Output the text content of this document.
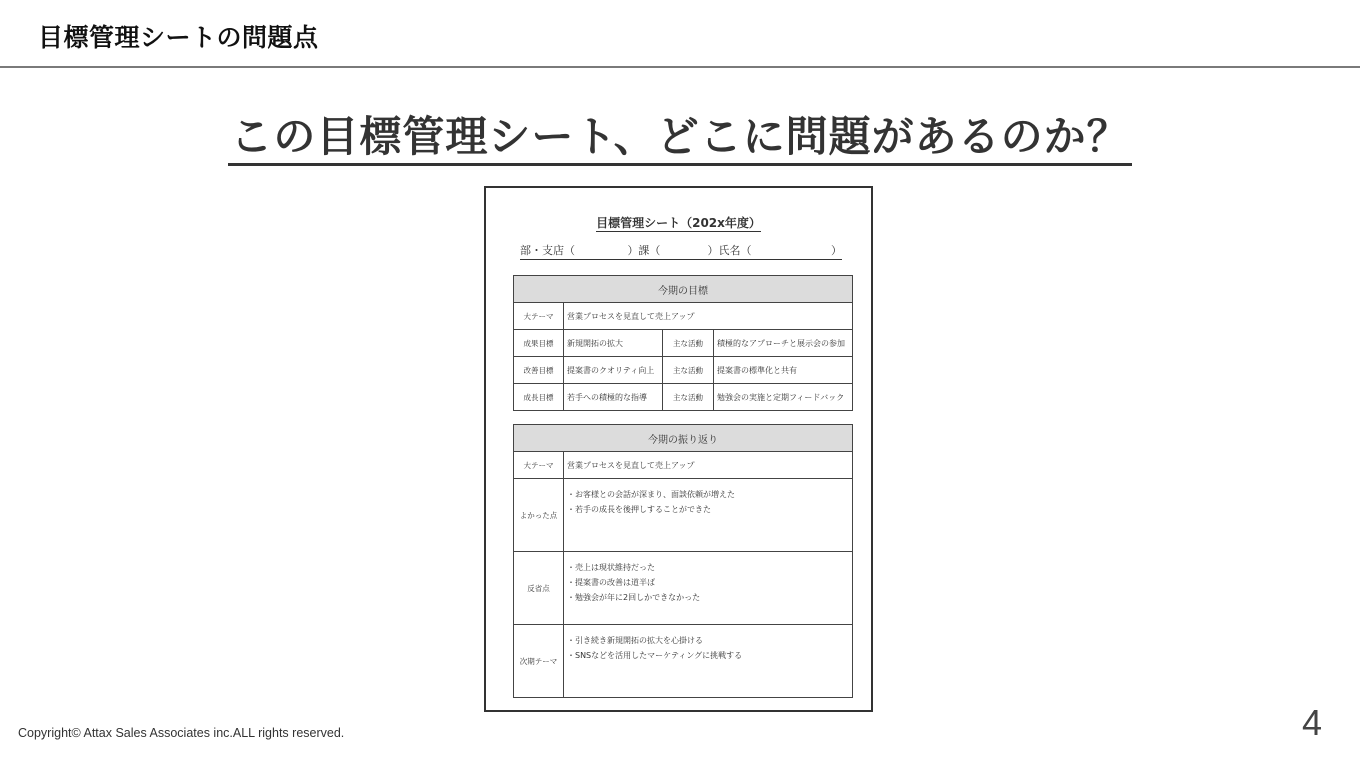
目標管理シートの問題点
この目標管理シート、どこに問題があるのか？
目標管理シート（202x年度）
部・支店（	）課（	）氏名（	）
今期の目標			
大テーマ	営業プロセスを見直して売上アップ		
成果目標	新規開拓の拡大	主な活動	積極的なアプローチと展示会の参加
改善目標	提案書のクオリティ向上	主な活動	提案書の標準化と共有
成長目標	若手への積極的な指導	主な活動	勉強会の実施と定期フィードバック
今期の振り返り	
大テーマ	営業プロセスを見直して売上アップ
よかった点	・お客様との会話が深まり、面談依頼が増えた
・若手の成長を後押しすることができた

反省点	・売上は現状維持だった
・提案書の改善は道半ば
・勉強会が年に2回しかできなかった

次期テーマ	・引き続き新規開拓の拡大を心掛ける
・SNSなどを活用したマーケティングに挑戦する
Copyright© Attax Sales Associates inc.ALL rights reserved.	4
